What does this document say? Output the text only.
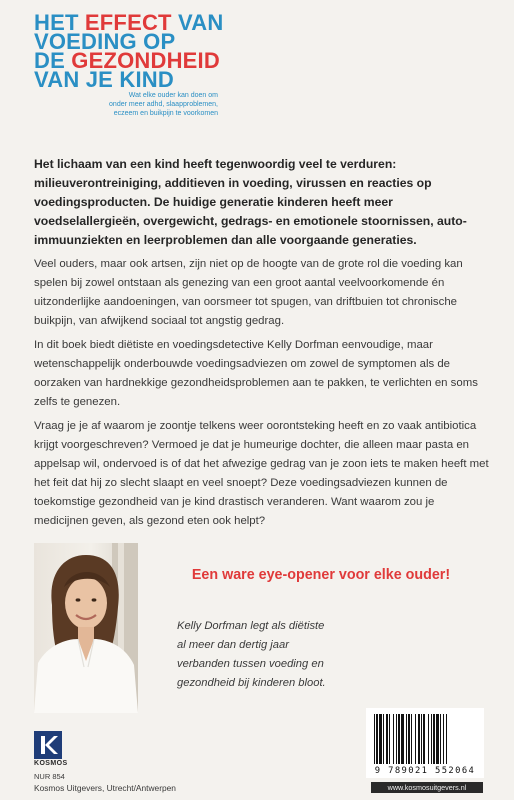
HET EFFECT VAN
VOEDING OP
DE GEZONDHEID
VAN JE KIND
Wat elke ouder kan doen om
onder meer adhd, slaapproblemen,
eczeem en buikpijn te voorkomen
Het lichaam van een kind heeft tegenwoordig veel te verduren: milieuverontreiniging, additieven in voeding, virussen en reacties op voedingsproducten. De huidige generatie kinderen heeft meer voedselallergieën, overgewicht, gedrags- en emotionele stoornissen, auto-immuunziekten en leerproblemen dan alle voorgaande generaties.
Veel ouders, maar ook artsen, zijn niet op de hoogte van de grote rol die voeding kan spelen bij zowel ontstaan als genezing van een groot aantal veelvoorkomende én uitzonderlijke aandoeningen, van oorsmeer tot spugen, van driftbuien tot chronische buikpijn, van afwijkend sociaal tot angstig gedrag.
In dit boek biedt diëtiste en voedingsdetective Kelly Dorfman eenvoudige, maar wetenschappelijk onderbouwde voedingsadviezen om zowel de symptomen als de oorzaken van hardnekkige gezondheidsproblemen aan te pakken, te verlichten en soms zelfs te genezen.
Vraag je je af waarom je zoontje telkens weer oorontsteking heeft en zo vaak antibiotica krijgt voorgeschreven? Vermoed je dat je humeurige dochter, die alleen maar pasta en appelsap wil, ondervoed is of dat het afwezige gedrag van je zoon iets te maken heeft met het feit dat hij zo slecht slaapt en veel snoept? Deze voedingsadviezen kunnen de toekomstige gezondheid van je kind drastisch veranderen. Want waarom zou je medicijnen geven, als gezond eten ook helpt?
Een ware eye-opener voor elke ouder!
Kelly Dorfman legt als diëtiste
al meer dan dertig jaar
verbanden tussen voeding en
gezondheid bij kinderen bloot.
KOSMOS
NUR 854
Kosmos Uitgevers, Utrecht/Antwerpen
9 789021 552064
www.kosmosuitgevers.nl
